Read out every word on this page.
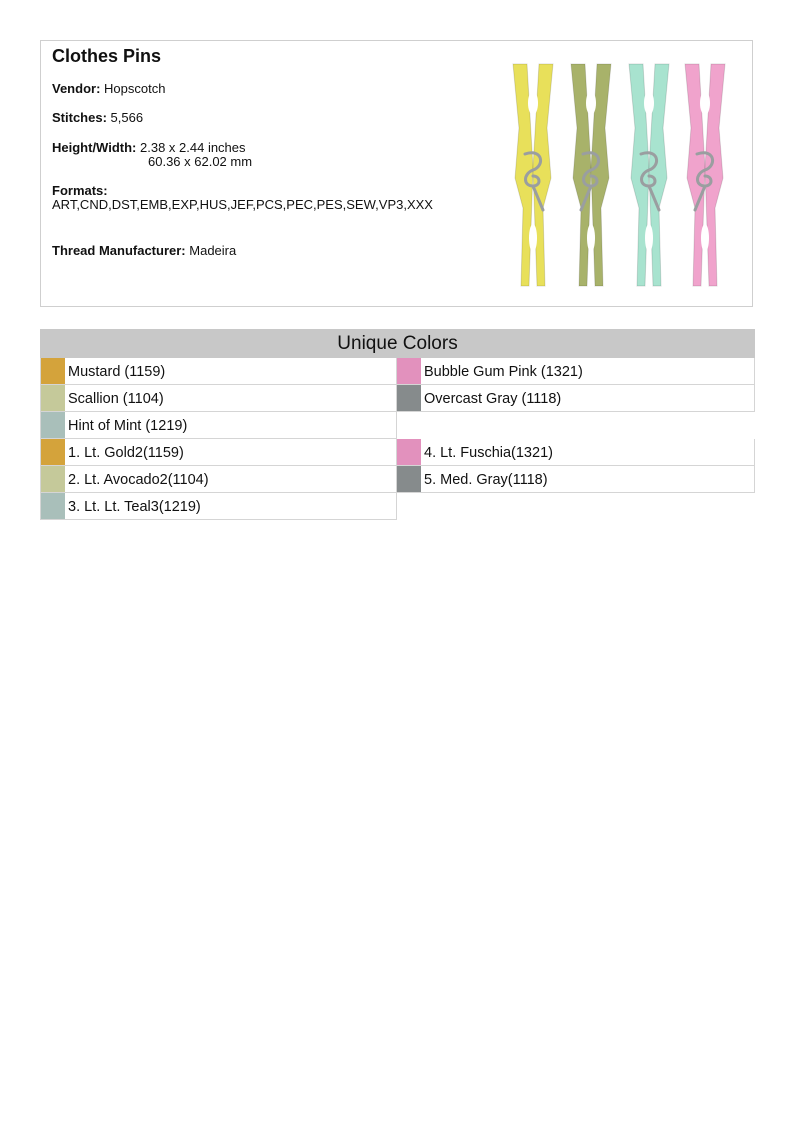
Clothes Pins
Vendor: Hopscotch
Stitches: 5,566
Height/Width: 2.38 x 2.44 inches
60.36 x 62.02 mm
Formats:
ART,CND,DST,EMB,EXP,HUS,JEF,PCS,PEC,PES,SEW,VP3,XXX
Thread Manufacturer: Madeira
Unique Colors
Mustard (1159)	Bubble Gum Pink (1321)
Scallion (1104)	Overcast Gray (1118)
Hint of Mint (1219)
1. Lt. Gold2(1159)	4. Lt. Fuschia(1321)
2. Lt. Avocado2(1104)	5. Med. Gray(1118)
3. Lt. Lt. Teal3(1219)
